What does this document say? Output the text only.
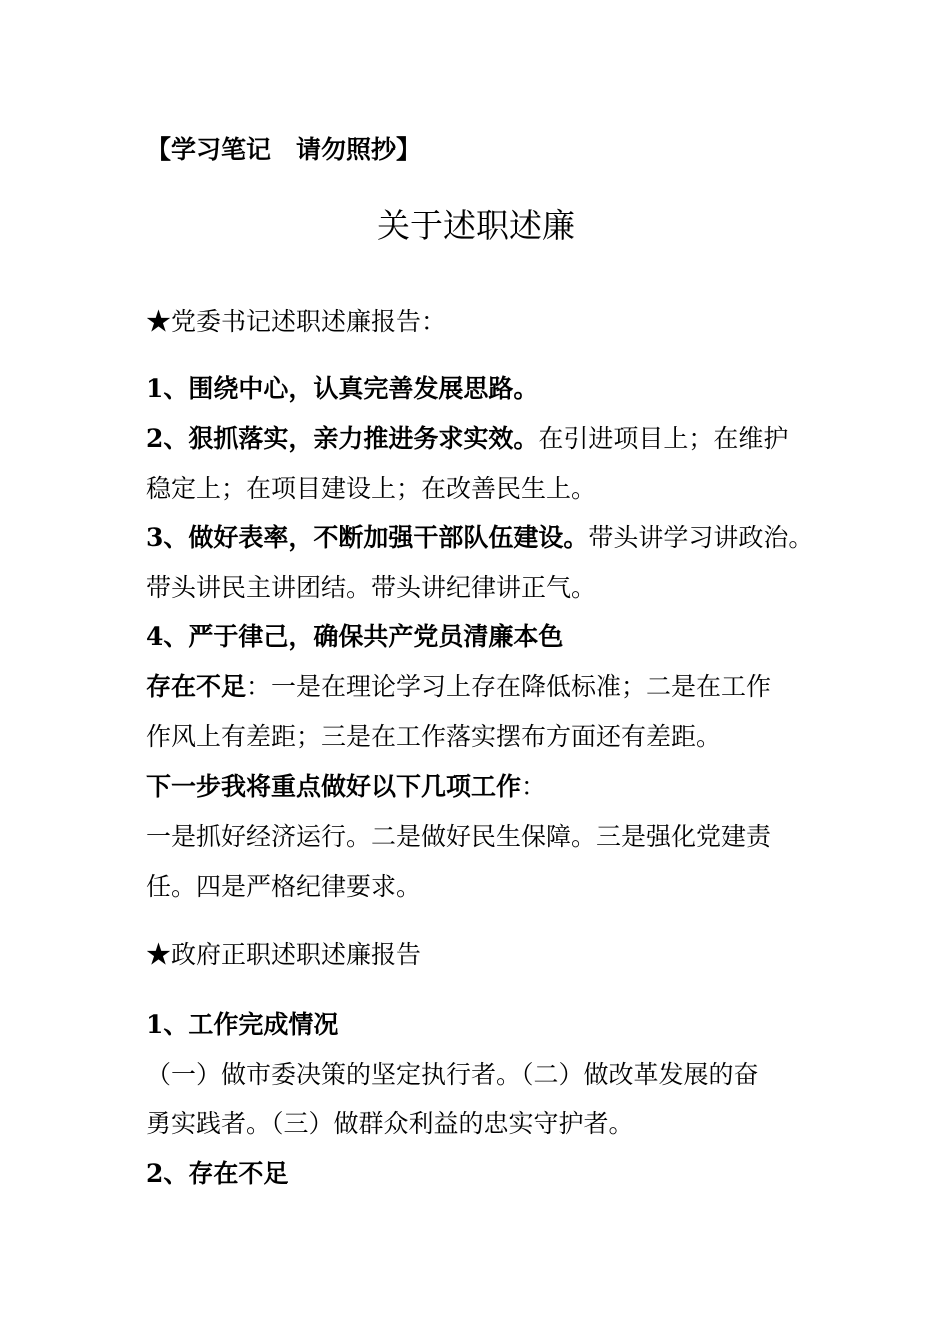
【学习笔记　请勿照抄】
关于述职述廉
★党委书记述职述廉报告：
1、围绕中心，认真完善发展思路。
2、狠抓落实，亲力推进务求实效。在引进项目上；在维护
稳定上；在项目建设上；在改善民生上。
3、做好表率，不断加强干部队伍建设。带头讲学习讲政治。
带头讲民主讲团结。带头讲纪律讲正气。
4、严于律己，确保共产党员清廉本色
存在不足：一是在理论学习上存在降低标准；二是在工作
作风上有差距；三是在工作落实摆布方面还有差距。
下一步我将重点做好以下几项工作：
一是抓好经济运行。二是做好民生保障。三是强化党建责
任。四是严格纪律要求。
★政府正职述职述廉报告
1、工作完成情况
（一）做市委决策的坚定执行者。（二）做改革发展的奋
勇实践者。（三）做群众利益的忠实守护者。
2、存在不足
